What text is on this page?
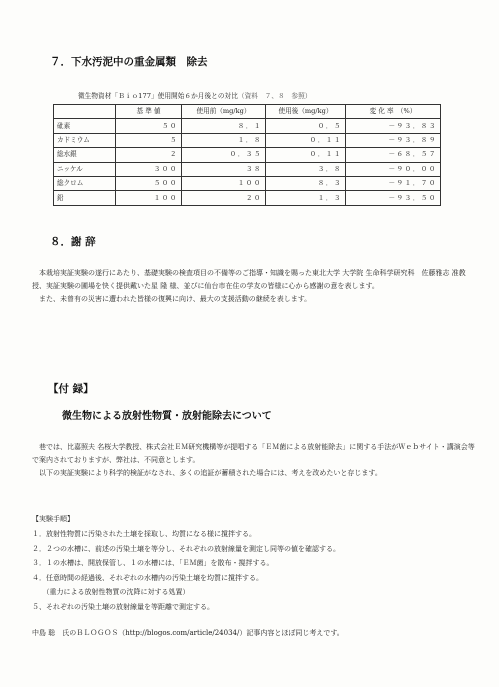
７．下水汚泥中の重金属類　除去
微生物資材「Ｂｉｏ177」使用開始６か月後との対比（資料　７、８　参照）
	基 準 値	使用前（mg/kg）	使用後（mg/kg）	変 化 率　（%）
砒素	５０	８．１	０．５	－９３．８３
カドミウム	５	１．８	０．１１	－９３．８９
総水銀	２	０．３５	０．１１	－６８．５７
ニッケル	３００	３８	３．８	－９０．００
総クロム	５００	１００	８．３	－９１．７０
鉛	１００	２０	１．３	－９３．５０
８．謝 辞

　本栽培実証実験の遂行にあたり、基礎実験の検査項目の不備等のご指導・知識を賜った東北大学 大学院 生命科学研究科　佐藤雅志 准教授、実証実験の圃場を快く提供戴いた星 隆 様、並びに仙台市在住の学友の皆様に心から感謝の意を表します。

　また、未曾有の災害に遭われた皆様の復興に向け、最大の支援活動の継続を表します。

【付 録】
微生物による放射性物質・放射能除去について

　巷では、比嘉照夫 名桜大学教授、株式会社ＥＭ研究機構等が提唱する「ＥＭ菌による放射能除去」に関する手法がＷｅｂサイト・講演会等で案内されておりますが、弊社は、不同意とします。

　以下の実証実験により科学的検証がなされ、多くの追証が蓄積された場合には、考えを改めたいと存じます。

【実験手順】
１．放射性物質に汚染された土壌を採取し、均質になる様に撹拌する。
２．２つの水槽に、前述の汚染土壌を等分し、それぞれの放射線量を測定し同等の値を確認する。
３．１の水槽は、開放保管し、１の水槽には、「ＥＭ菌」を散布・撹拌する。
４．任意時間の経過後、それぞれの水槽内の汚染土壌を均質に撹拌する。
　　（重力による放射性物質の沈降に対する処置）
５、それぞれの汚染土壌の放射線量を等距離で測定する。
中島 聡　氏のＢＬＯＧＯＳ（http://blogos.com/article/24034/）記事内容とほぼ同じ考えです。
